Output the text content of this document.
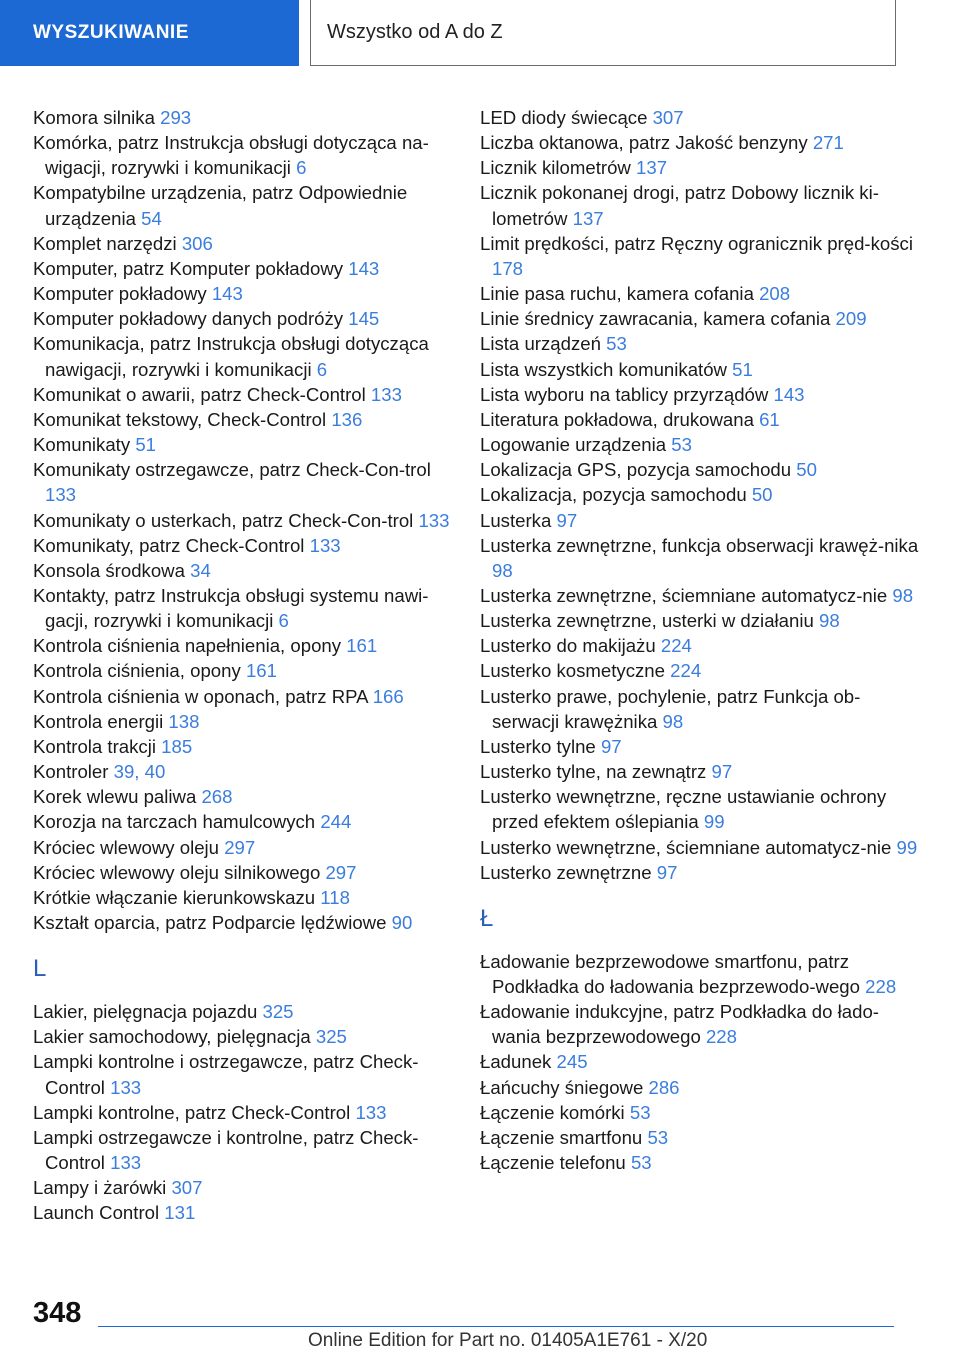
WYSZUKIWANIE	Wszystko od A do Z
Komora silnika 293
Komórka, patrz Instrukcja obsługi dotycząca na-wigacji, rozrywki i komunikacji 6
Kompatybilne urządzenia, patrz Odpowiednie urządzenia 54
Komplet narzędzi 306
Komputer, patrz Komputer pokładowy 143
Komputer pokładowy 143
Komputer pokładowy danych podróży 145
Komunikacja, patrz Instrukcja obsługi dotycząca nawigacji, rozrywki i komunikacji 6
Komunikat o awarii, patrz Check-Control 133
Komunikat tekstowy, Check-Control 136
Komunikaty 51
Komunikaty ostrzegawcze, patrz Check-Con-trol 133
Komunikaty o usterkach, patrz Check-Con-trol 133
Komunikaty, patrz Check-Control 133
Konsola środkowa 34
Kontakty, patrz Instrukcja obsługi systemu nawi-gacji, rozrywki i komunikacji 6
Kontrola ciśnienia napełnienia, opony 161
Kontrola ciśnienia, opony 161
Kontrola ciśnienia w oponach, patrz RPA 166
Kontrola energii 138
Kontrola trakcji 185
Kontroler 39, 40
Korek wlewu paliwa 268
Korozja na tarczach hamulcowych 244
Króciec wlewowy oleju 297
Króciec wlewowy oleju silnikowego 297
Krótkie włączanie kierunkowskazu 118
Kształt oparcia, patrz Podparcie lędźwiowe 90
L
Lakier, pielęgnacja pojazdu 325
Lakier samochodowy, pielęgnacja 325
Lampki kontrolne i ostrzegawcze, patrz Check-Control 133
Lampki kontrolne, patrz Check-Control 133
Lampki ostrzegawcze i kontrolne, patrz Check-Control 133
Lampy i żarówki 307
Launch Control 131
LED diody świecące 307
Liczba oktanowa, patrz Jakość benzyny 271
Licznik kilometrów 137
Licznik pokonanej drogi, patrz Dobowy licznik ki-lometrów 137
Limit prędkości, patrz Ręczny ogranicznik pręd-kości 178
Linie pasa ruchu, kamera cofania 208
Linie średnicy zawracania, kamera cofania 209
Lista urządzeń 53
Lista wszystkich komunikatów 51
Lista wyboru na tablicy przyrządów 143
Literatura pokładowa, drukowana 61
Logowanie urządzenia 53
Lokalizacja GPS, pozycja samochodu 50
Lokalizacja, pozycja samochodu 50
Lusterka 97
Lusterka zewnętrzne, funkcja obserwacji krawęż-nika 98
Lusterka zewnętrzne, ściemniane automatycz-nie 98
Lusterka zewnętrzne, usterki w działaniu 98
Lusterko do makijażu 224
Lusterko kosmetyczne 224
Lusterko prawe, pochylenie, patrz Funkcja ob-serwacji krawężnika 98
Lusterko tylne 97
Lusterko tylne, na zewnątrz 97
Lusterko wewnętrzne, ręczne ustawianie ochrony przed efektem oślepiania 99
Lusterko wewnętrzne, ściemniane automatycz-nie 99
Lusterko zewnętrzne 97
Ł
Ładowanie bezprzewodowe smartfonu, patrz Podkładka do ładowania bezprzewodo-wego 228
Ładowanie indukcyjne, patrz Podkładka do łado-wania bezprzewodowego 228
Ładunek 245
Łańcuchy śniegowe 286
Łączenie komórki 53
Łączenie smartfonu 53
Łączenie telefonu 53
348
Online Edition for Part no. 01405A1E761 - X/20
